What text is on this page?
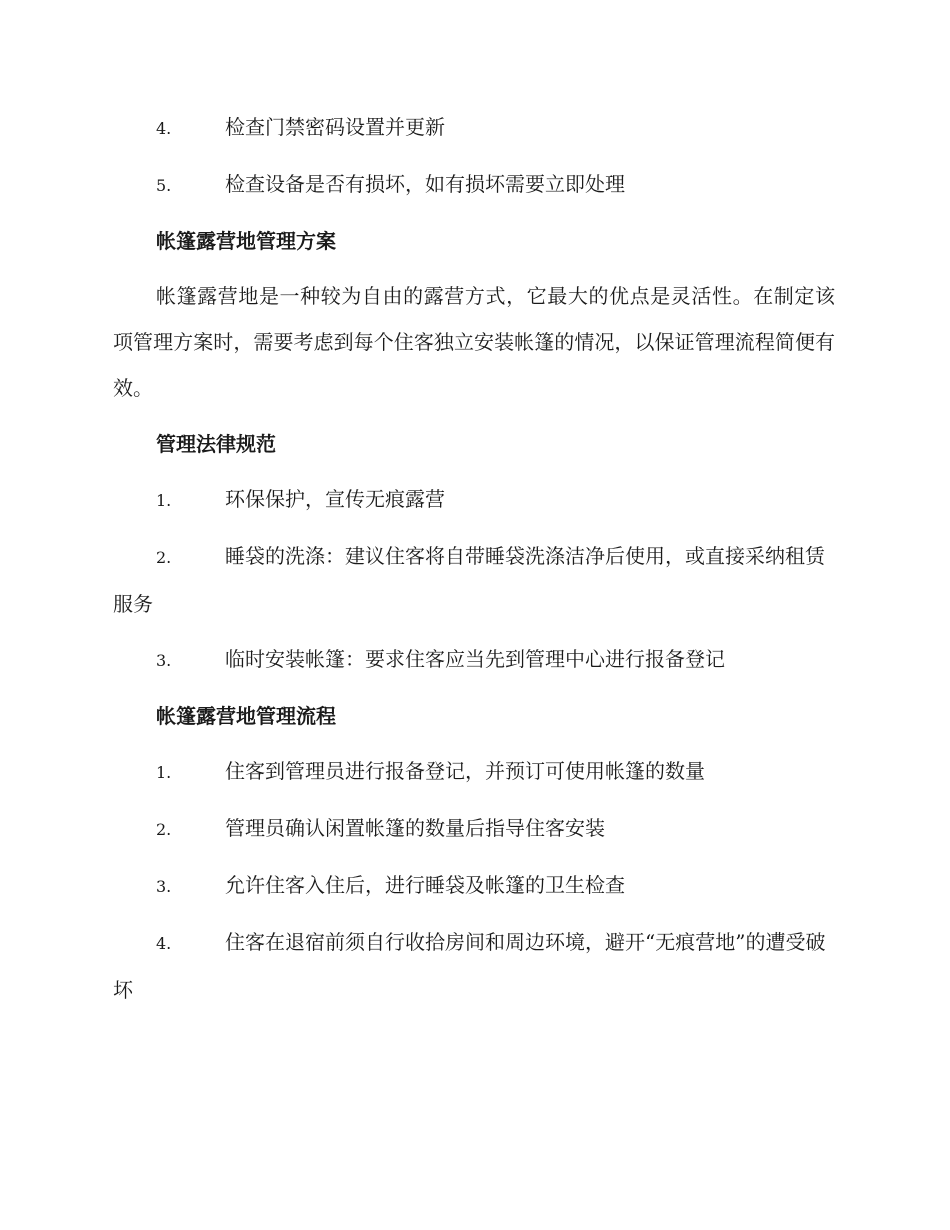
4.	检查门禁密码设置并更新
5.	检查设备是否有损坏，如有损坏需要立即处理
帐篷露营地管理方案

帐篷露营地是一种较为自由的露营方式，它最大的优点是灵活性。在制定该项管理方案时，需要考虑到每个住客独立安装帐篷的情况，以保证管理流程简便有效。

管理法律规范
1.	环保保护，宣传无痕露营
2.	睡袋的洗涤：建议住客将自带睡袋洗涤洁净后使用，或直接采纳租赁服务
3.	临时安装帐篷：要求住客应当先到管理中心进行报备登记
帐篷露营地管理流程
1.	住客到管理员进行报备登记，并预订可使用帐篷的数量
2.	管理员确认闲置帐篷的数量后指导住客安装
3.	允许住客入住后，进行睡袋及帐篷的卫生检查
4.	住客在退宿前须自行收拾房间和周边环境，避开“无痕营地”的遭受破坏
